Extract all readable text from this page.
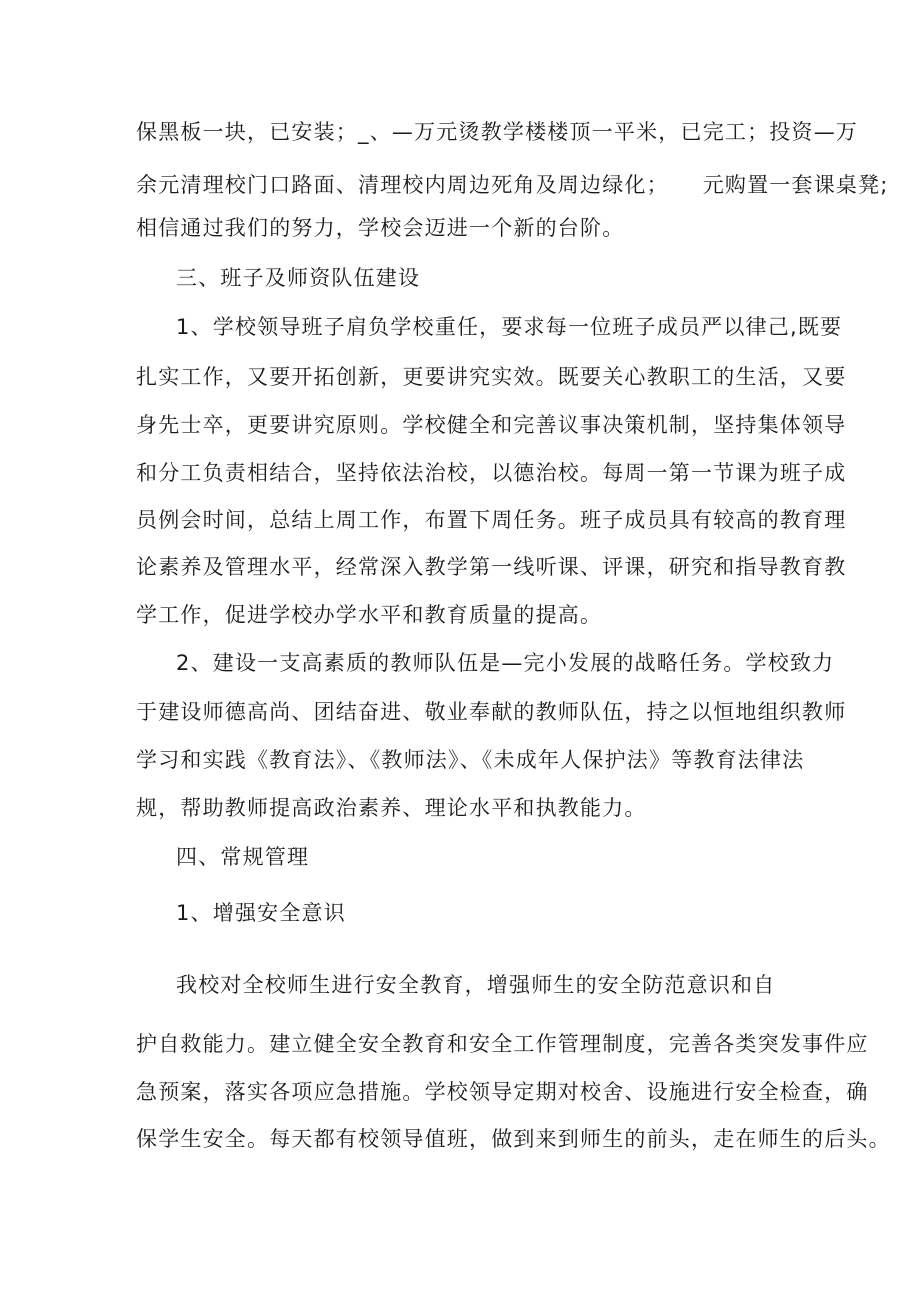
保黑板一块，已安装；_、—万元烫教学楼楼顶一平米，已完工；投资—万
余元清理校门口路面、清理校内周边死角及周边绿化；　　元购置一套课桌凳;
相信通过我们的努力，学校会迈进一个新的台阶。
三、班子及师资队伍建设
1、学校领导班子肩负学校重任，要求每一位班子成员严以律己,既要
扎实工作，又要开拓创新，更要讲究实效。既要关心教职工的生活，又要
身先士卒，更要讲究原则。学校健全和完善议事决策机制，坚持集体领导
和分工负责相结合，坚持依法治校，以德治校。每周一第一节课为班子成
员例会时间，总结上周工作，布置下周任务。班子成员具有较高的教育理
论素养及管理水平，经常深入教学第一线听课、评课，研究和指导教育教
学工作，促进学校办学水平和教育质量的提高。
2、建设一支高素质的教师队伍是—完小发展的战略任务。学校致力
于建设师德高尚、团结奋进、敬业奉献的教师队伍，持之以恒地组织教师
学习和实践《教育法》、《教师法》、《未成年人保护法》等教育法律法
规，帮助教师提高政治素养、理论水平和执教能力。
四、常规管理
1、增强安全意识
我校对全校师生进行安全教育，增强师生的安全防范意识和自
护自救能力。建立健全安全教育和安全工作管理制度，完善各类突发事件应
急预案，落实各项应急措施。学校领导定期对校舍、设施进行安全检查，确
保学生安全。每天都有校领导值班，做到来到师生的前头，走在师生的后头。
